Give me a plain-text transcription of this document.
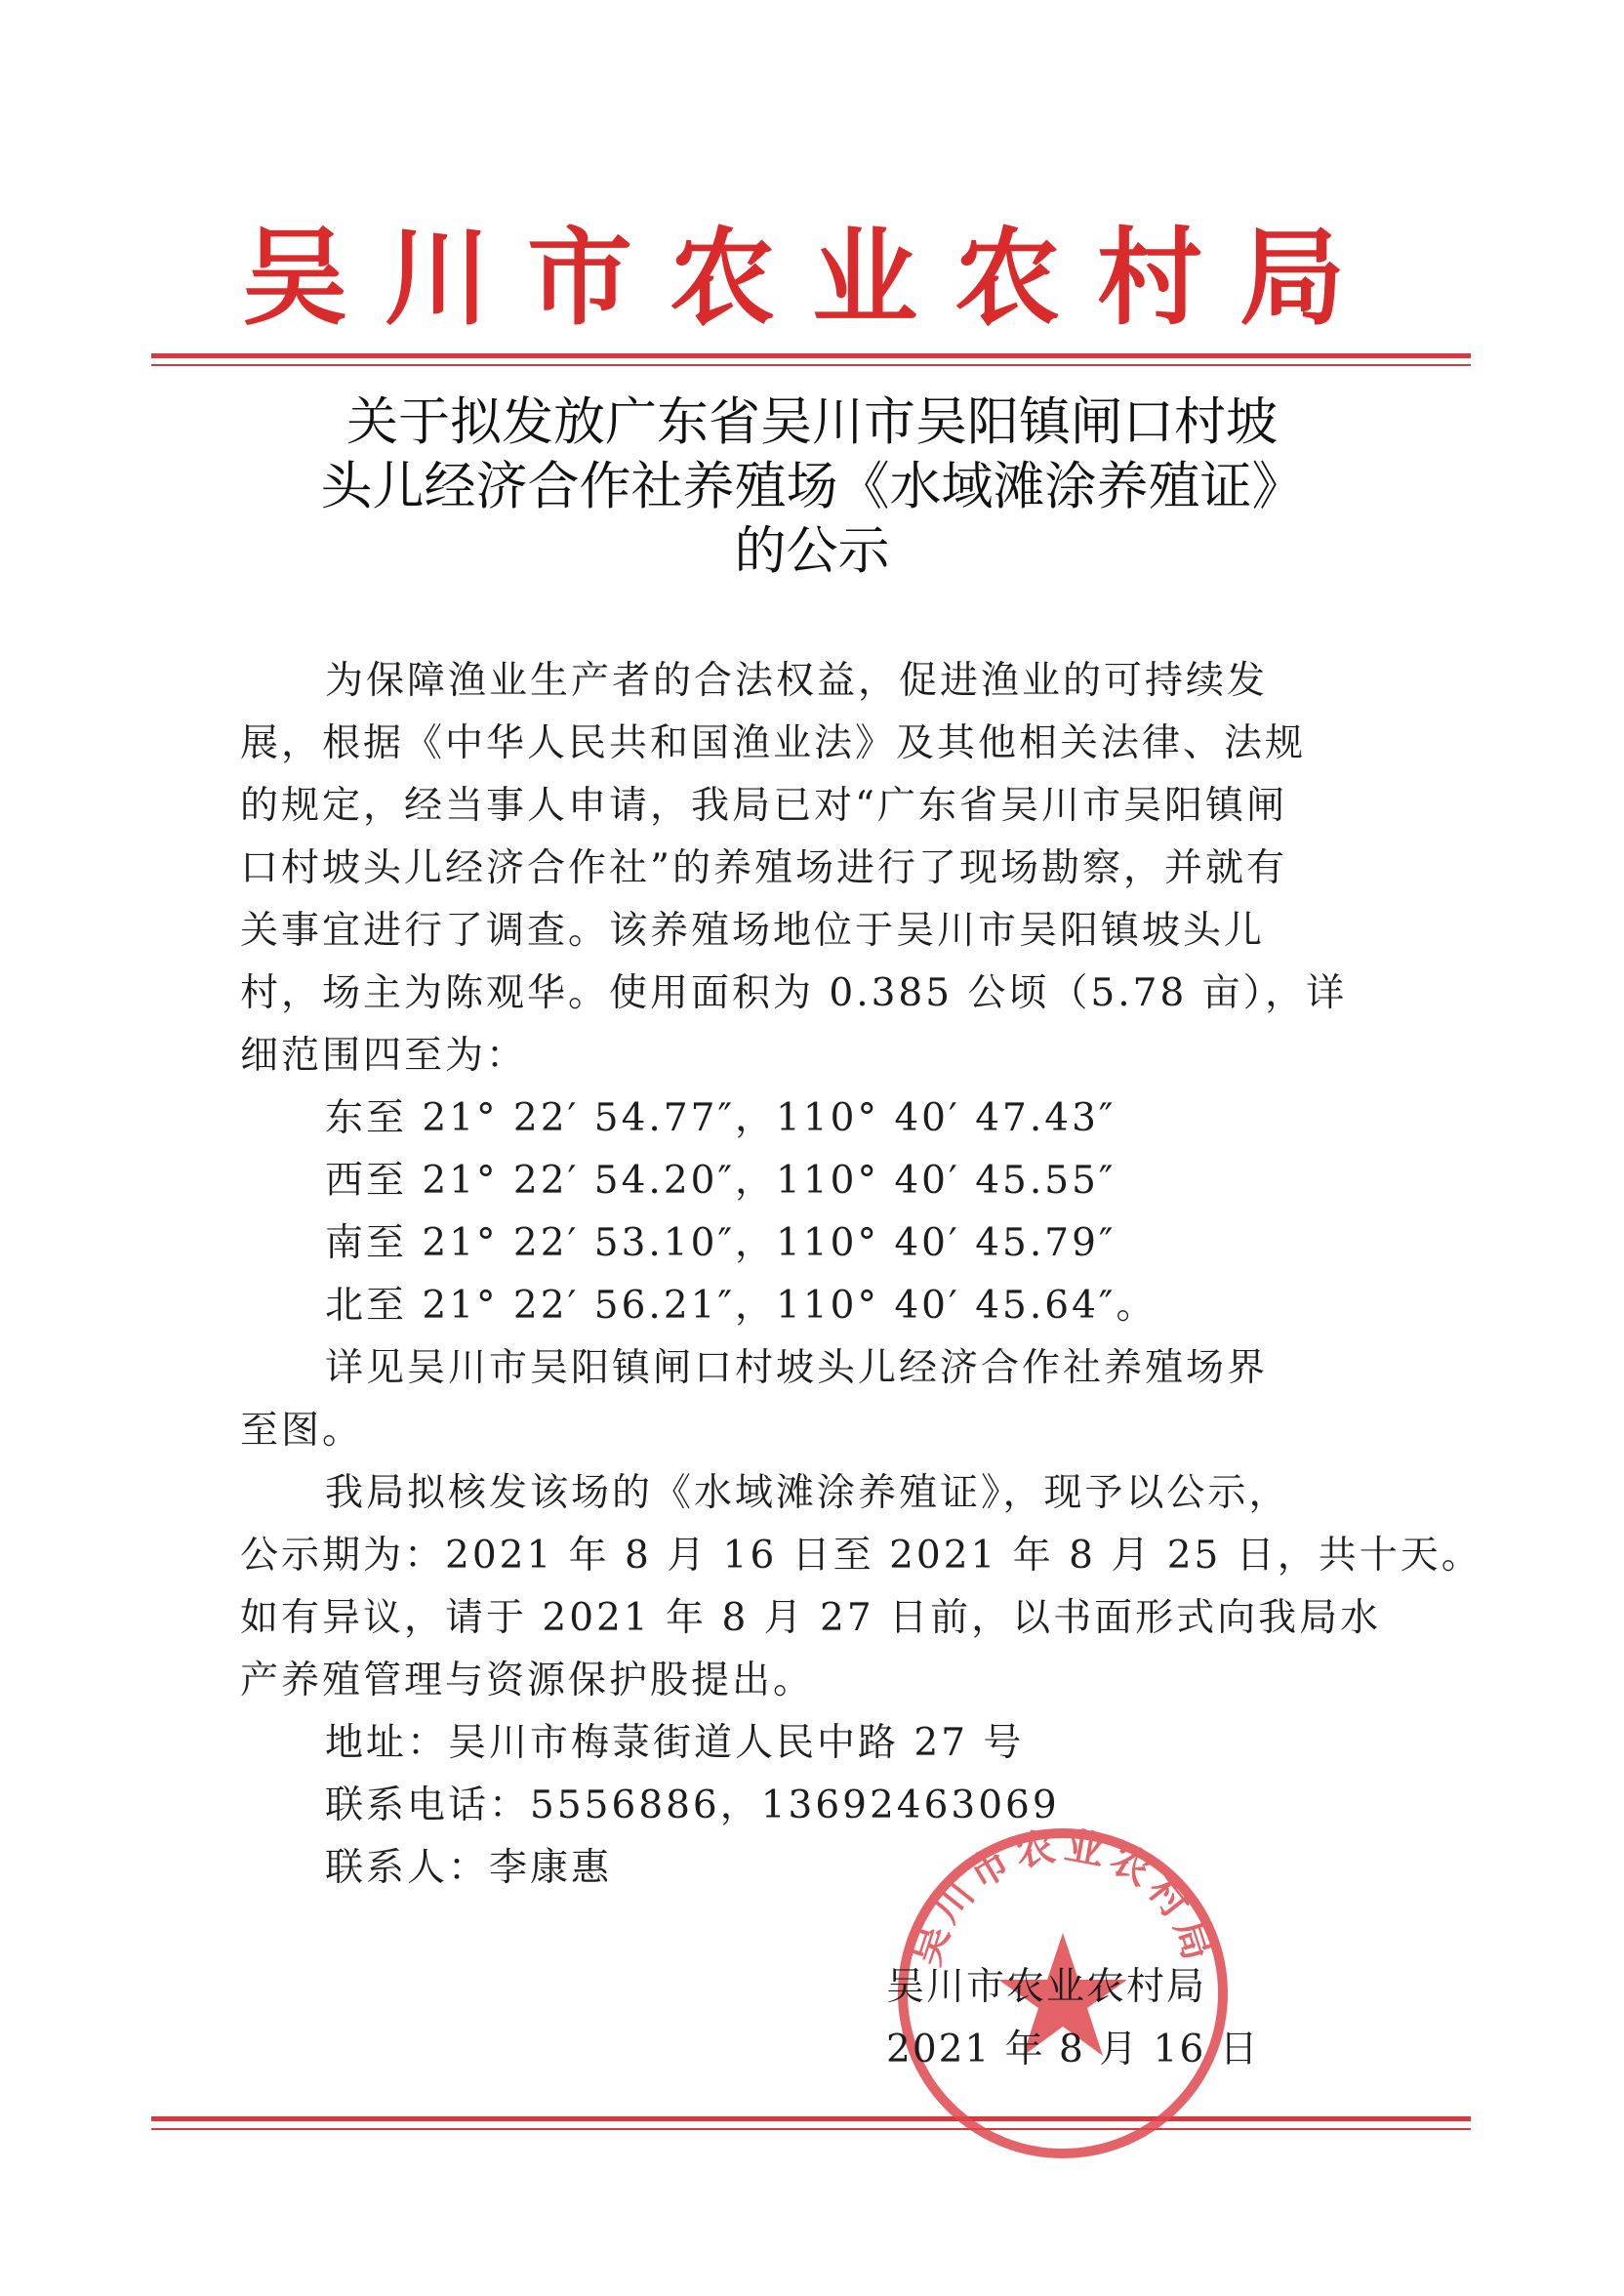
吴川市农业农村局
关于拟发放广东省吴川市吴阳镇闸口村坡
头儿经济合作社养殖场《水域滩涂养殖证》
的公示
为保障渔业生产者的合法权益，促进渔业的可持续发
展，根据《中华人民共和国渔业法》及其他相关法律、法规
的规定，经当事人申请，我局已对“广东省吴川市吴阳镇闸
口村坡头儿经济合作社”的养殖场进行了现场勘察，并就有
关事宜进行了调查。该养殖场地位于吴川市吴阳镇坡头儿
村，场主为陈观华。使用面积为 0.385 公顷（5.78 亩），详
细范围四至为：
东至 21° 22′ 54.77″，110° 40′ 47.43″
西至 21° 22′ 54.20″，110° 40′ 45.55″
南至 21° 22′ 53.10″，110° 40′ 45.79″
北至 21° 22′ 56.21″，110° 40′ 45.64″。
详见吴川市吴阳镇闸口村坡头儿经济合作社养殖场界
至图。
我局拟核发该场的《水域滩涂养殖证》，现予以公示，
公示期为：2021 年 8 月 16 日至 2021 年 8 月 25 日，共十天。
如有异议，请于 2021 年 8 月 27 日前，以书面形式向我局水
产养殖管理与资源保护股提出。
地址：吴川市梅菉街道人民中路 27 号
联系电话：5556886，13692463069
联系人：李康惠
吴川市农业农村局
吴川市农业农村局
2021 年 8 月 16 日
